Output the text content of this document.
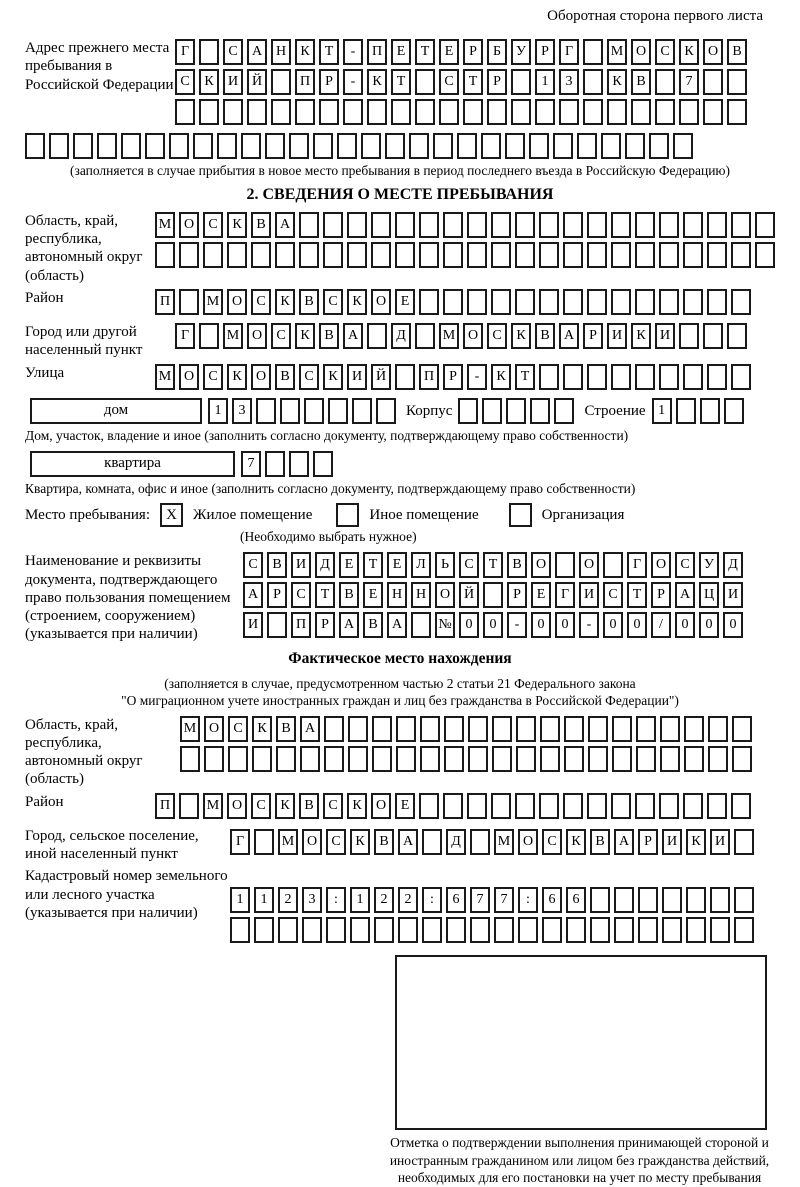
Оборотная сторона первого листа
Адрес прежнего места пребывания в Российской Федерации
Г	С	А Н	К	Т	-	П	Е	Т	Е	Р	Б	У	Р	Г	М О	С	К	О	В
С	К	И Й	П	Р	-	К	Т	С	Т	Р	1	3	К	В	7
(заполняется в случае прибытия в новое место пребывания в период последнего въезда в Российскую Федерацию)
2. СВЕДЕНИЯ О МЕСТЕ ПРЕБЫВАНИЯ
Область, край, республика, автономный округ (область)
М О	С	К	В	А
Район	П	М О	С	К	В	С	К	О	Е
Город или другой населенный пункт
Г	М О	С	К	В	А	Д	М О	С	К	В	А	Р	И	К	И
Улица	М О	С	К	О	В	С	К	И Й	П	Р	-	К	Т
дом	1	3	Корпус	Строение 1
Дом, участок, владение и иное (заполнить согласно документу, подтверждающему право собственности)
квартира	7
Квартира, комната, офис и иное (заполнить согласно документу, подтверждающему право собственности)
Место пребывания:	X	Жилое помещение	Иное помещение	Организация
(Необходимо выбрать нужное)
Наименование и реквизиты документа, подтверждающего право пользования помещением (строением, сооружением) (указывается при наличии)
С	В	И	Д	Е	Т	Е	Л	Ь	С	Т	В	О	О	Г	О	С	У	Д
А	Р	С	Т	В	Е	Н Н О Й	Р	Е	Г	И	С	Т	Р	А Ц И
И	П	Р	А	В	А	№ 0	0	-	0	0	-	0	0	/	0	0	0
Фактическое место нахождения
(заполняется в случае, предусмотренном частью 2 статьи 21 Федерального закона
"О миграционном учете иностранных граждан и лиц без гражданства в Российской Федерации")
Область, край, республика, автономный округ (область)
М О	С	К	В	А
Район	П	М О	С	К	В	С	К	О	Е
Город, сельское поселение, иной населенный пункт
Г	М О	С	К	В	А	Д	М О	С	К	В	А	Р	И	К	И
Кадастровый номер земельного или лесного участка (указывается при наличии)
1	1	2	3	:	1	2	2	:	6	7	7	:	6	6
Отметка о подтверждении выполнения принимающей стороной и иностранным гражданином или лицом без гражданства действий, необходимых для его постановки на учет по месту пребывания
